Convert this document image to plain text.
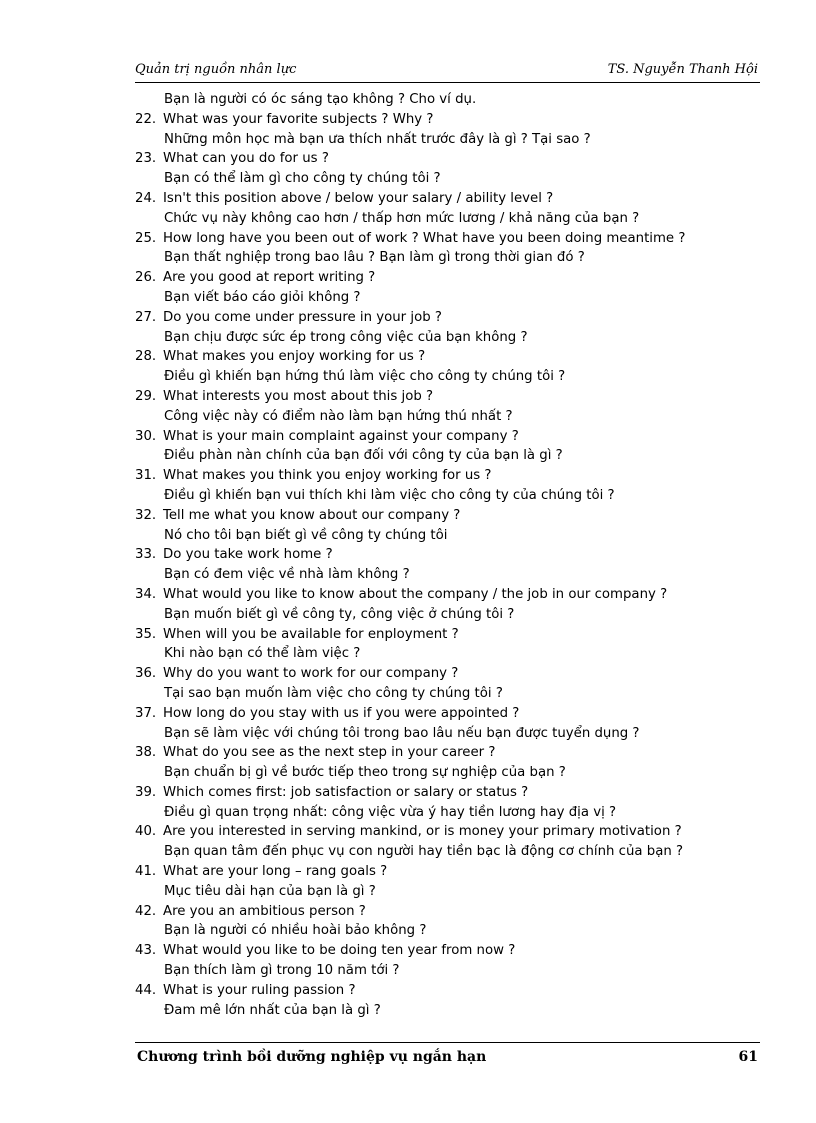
Quản trị nguồn nhân lực	TS. Nguyễn Thanh Hội
Bạn là người có óc sáng tạo không ? Cho ví dụ.
22. What was your favorite subjects ? Why ?
Những môn học mà bạn ưa thích nhất trước đây là gì ? Tại sao ?
23. What can you do for us ?
Bạn có thể làm gì cho công ty chúng tôi ?
24. Isn't this position above / below your salary / ability level ?
Chức vụ này không cao hơn / thấp hơn mức lương / khả năng của bạn ?
25. How long have you been out of work ? What have you been doing meantime ?
Bạn thất nghiệp trong bao lâu ? Bạn làm gì trong thời gian đó ?
26. Are you good at report writing ?
Bạn viết báo cáo giỏi không ?
27. Do you come under pressure in your job ?
Bạn chịu được sức ép trong công việc của bạn không ?
28. What makes you enjoy working for us ?
Điều gì khiến bạn hứng thú làm việc cho công ty chúng tôi ?
29. What interests you most about this job ?
Công việc này có điểm nào làm bạn hứng thú nhất ?
30. What is your main complaint against your company ?
Điều phàn nàn chính của bạn đối với công ty của bạn là gì ?
31. What makes you think you enjoy working for us ?
Điều gì khiến bạn vui thích khi làm việc cho công ty của chúng tôi ?
32. Tell me what you know about our company ?
Nó cho tôi bạn biết gì về công ty chúng tôi
33. Do you take work home ?
Bạn có đem việc về nhà làm không ?
34. What would you like to know about the company / the job in our company ?
Bạn muốn biết gì về công ty, công việc ở chúng tôi ?
35. When will you be available for enployment ?
Khi nào bạn có thể làm việc ?
36. Why do you want to work for our company ?
Tại sao bạn muốn làm việc cho công ty chúng tôi ?
37. How long do you stay with us if you were appointed ?
Bạn sẽ làm việc với chúng tôi trong bao lâu nếu bạn được tuyển dụng ?
38. What do you see as the next step in your career ?
Bạn chuẩn bị gì về bước tiếp theo trong sự nghiệp của bạn ?
39. Which comes first: job satisfaction or salary or status ?
Điều gì quan trọng nhất: công việc vừa ý hay tiền lương hay địa vị ?
40. Are you interested in serving mankind, or is money your primary motivation ?
Bạn quan tâm đến phục vụ con người hay tiền bạc là động cơ chính của bạn ?
41. What are your long – rang goals ?
Mục tiêu dài hạn của bạn là gì ?
42. Are you an ambitious person ?
Bạn là người có nhiều hoài bảo không ?
43. What would you like to be doing ten year from now ?
Bạn thích làm gì trong 10 năm tới ?
44. What is your ruling passion ?
Đam mê lớn nhất của bạn là gì ?
Chương trình bồi dưỡng nghiệp vụ ngắn hạn	61
